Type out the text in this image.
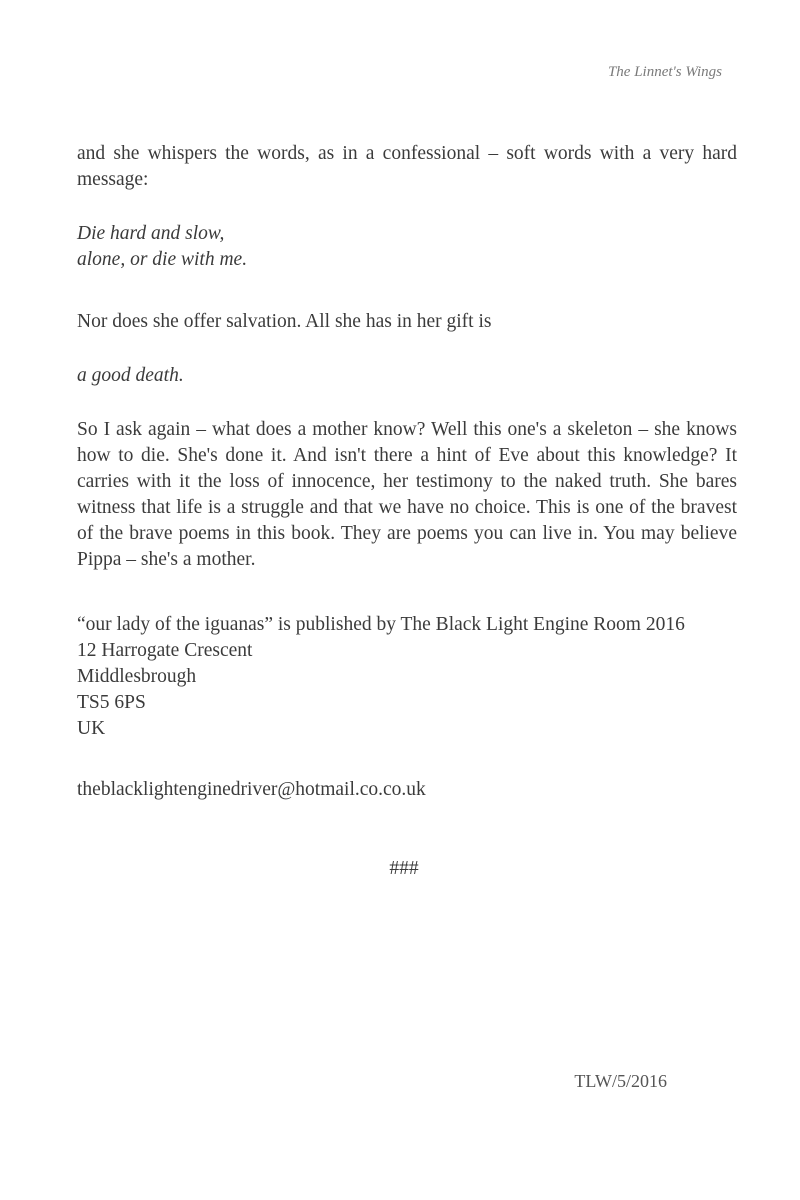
The Linnet's Wings

and she whispers the words, as in a confessional – soft words with a very hard message:

Die hard and slow,

alone, or die with me.

Nor does she offer salvation. All she has in her gift is

a good death.

So I ask again – what does a mother know? Well this one's a skeleton – she knows how to die. She's done it. And isn't there a hint of Eve about this knowledge? It carries with it the loss of innocence, her testimony to the naked truth. She bares witness that life is a struggle and that we have no choice. This is one of the bravest of the brave poems in this book. They are poems you can live in. You may believe Pippa – she's a mother.

“our lady of the iguanas” is published by The Black Light Engine Room 2016

12 Harrogate Crescent

Middlesbrough

TS5 6PS

UK

theblacklightenginedriver@hotmail.co.co.uk

###
TLW/5/2016
